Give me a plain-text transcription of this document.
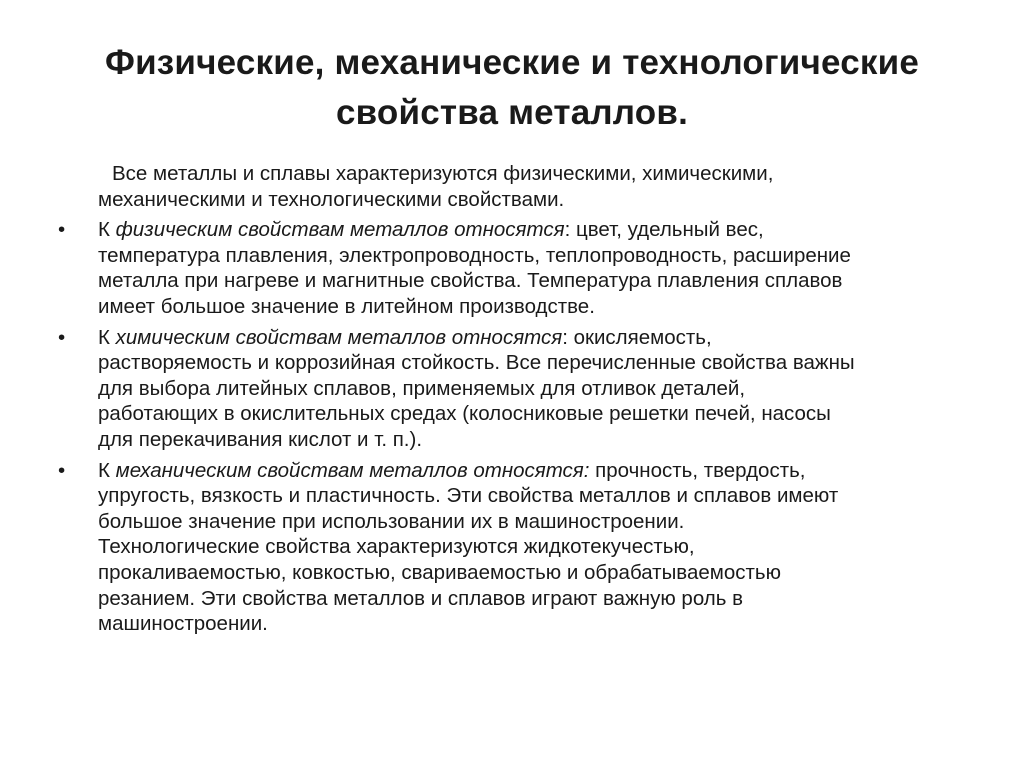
Физические, механические и технологические
свойства металлов.

Все металлы и сплавы характеризуются физическими, химическими,
механическими и технологическими свойствами.

•	К физическим свойствам металлов относятся: цвет, удельный вес,
температура плавления, электропроводность, теплопроводность, расширение
металла при нагреве и магнитные свойства. Температура плавления сплавов
имеет большое значение в литейном производстве.
•	К химическим свойствам металлов относятся: окисляемость,
растворяемость и коррозийная стойкость. Все перечисленные свойства важны
для выбора литейных сплавов, применяемых для отливок деталей,
работающих в окислительных средах (колосниковые решетки печей, насосы
для перекачивания кислот и т. п.).
•	К механическим свойствам металлов относятся: прочность, твердость,
упругость, вязкость и пластичность. Эти свойства металлов и сплавов имеют
большое значение при использовании их в машиностроении.
Технологические свойства характеризуются жидкотекучестью,
прокаливаемостью, ковкостью, свариваемостью и обрабатываемостью
резанием. Эти свойства металлов и сплавов играют важную роль в
машиностроении.
